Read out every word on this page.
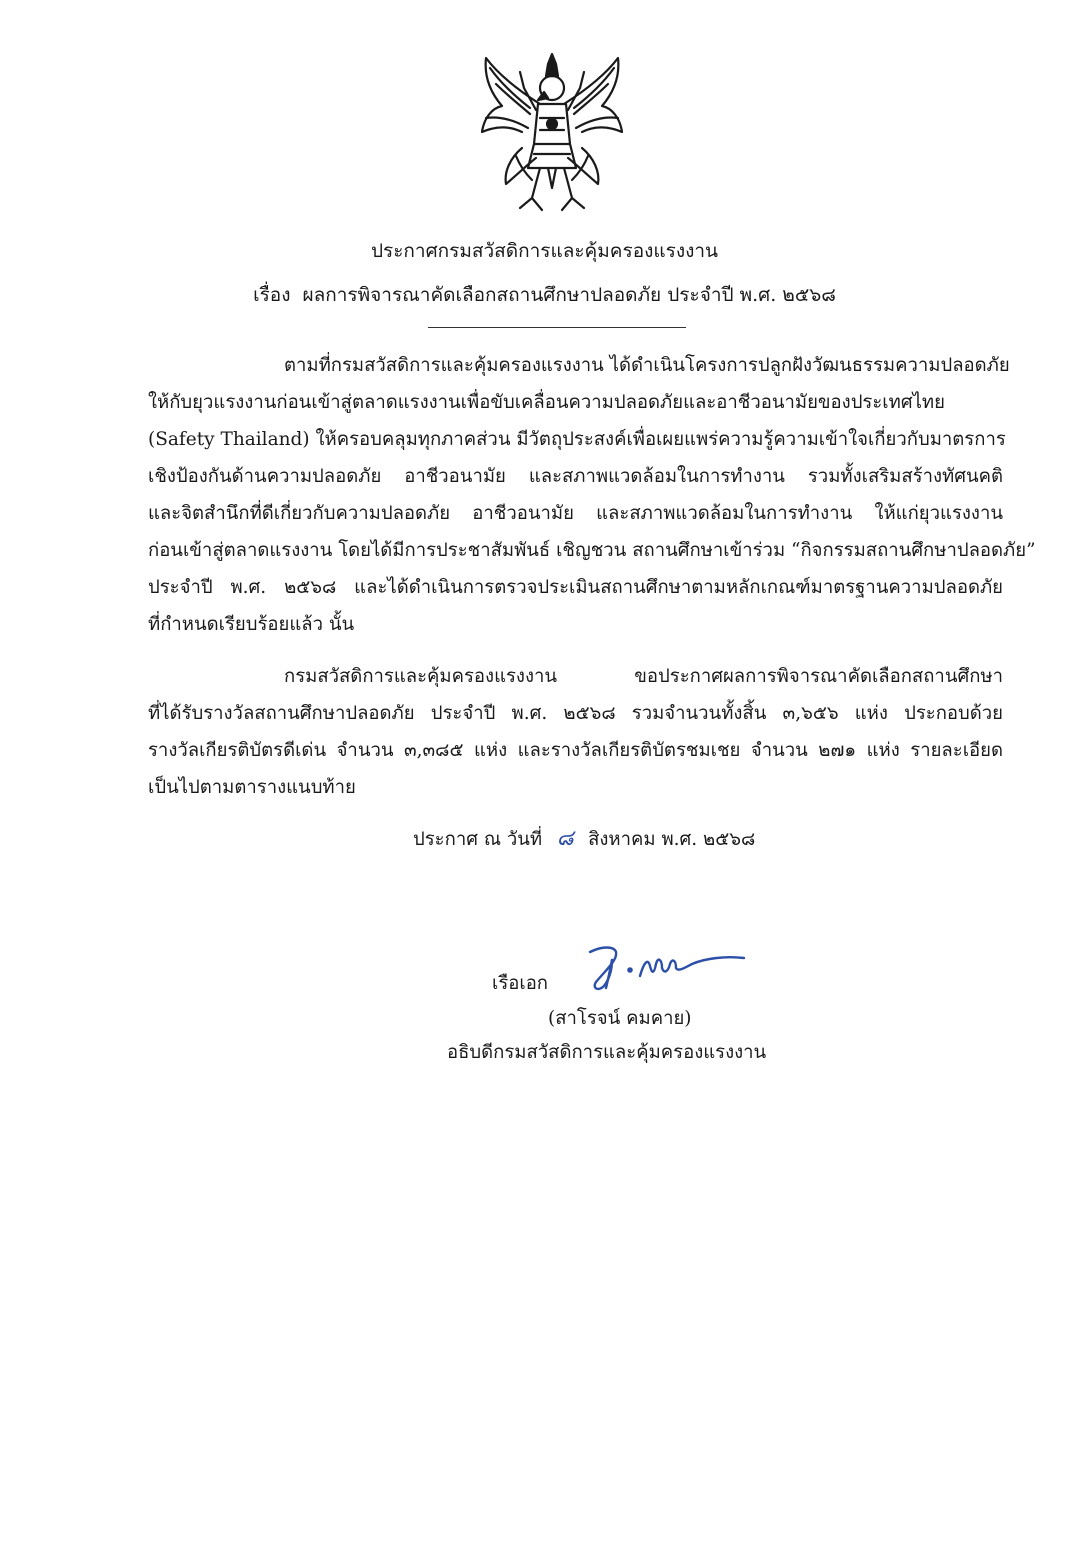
ประกาศกรมสวัสดิการและคุ้มครองแรงงาน
เรื่อง ผลการพิจารณาคัดเลือกสถานศึกษาปลอดภัย ประจำปี พ.ศ. ๒๕๖๘
ตามที่กรมสวัสดิการและคุ้มครองแรงงาน ได้ดำเนินโครงการปลูกฝังวัฒนธรรมความปลอดภัย
ให้กับยุวแรงงานก่อนเข้าสู่ตลาดแรงงานเพื่อขับเคลื่อนความปลอดภัยและอาชีวอนามัยของประเทศไทย
(Safety Thailand) ให้ครอบคลุมทุกภาคส่วน มีวัตถุประสงค์เพื่อเผยแพร่ความรู้ความเข้าใจเกี่ยวกับมาตรการ
เชิงป้องกันด้านความปลอดภัย อาชีวอนามัย และสภาพแวดล้อมในการทำงาน รวมทั้งเสริมสร้างทัศนคติ
และจิตสำนึกที่ดีเกี่ยวกับความปลอดภัย อาชีวอนามัย และสภาพแวดล้อมในการทำงาน ให้แก่ยุวแรงงาน
ก่อนเข้าสู่ตลาดแรงงาน โดยได้มีการประชาสัมพันธ์ เชิญชวน สถานศึกษาเข้าร่วม “กิจกรรมสถานศึกษาปลอดภัย”
ประจำปี พ.ศ. ๒๕๖๘ และได้ดำเนินการตรวจประเมินสถานศึกษาตามหลักเกณฑ์มาตรฐานความปลอดภัย
ที่กำหนดเรียบร้อยแล้ว นั้น
กรมสวัสดิการและคุ้มครองแรงงาน ขอประกาศผลการพิจารณาคัดเลือกสถานศึกษา
ที่ได้รับรางวัลสถานศึกษาปลอดภัย ประจำปี พ.ศ. ๒๕๖๘ รวมจำนวนทั้งสิ้น ๓,๖๕๖ แห่ง ประกอบด้วย
รางวัลเกียรติบัตรดีเด่น จำนวน ๓,๓๘๕ แห่ง และรางวัลเกียรติบัตรชมเชย จำนวน ๒๗๑ แห่ง รายละเอียด
เป็นไปตามตารางแนบท้าย
ประกาศ ณ วันที่ ๘ สิงหาคม พ.ศ. ๒๕๖๘
เรือเอก
(สาโรจน์ คมคาย)
อธิบดีกรมสวัสดิการและคุ้มครองแรงงาน
